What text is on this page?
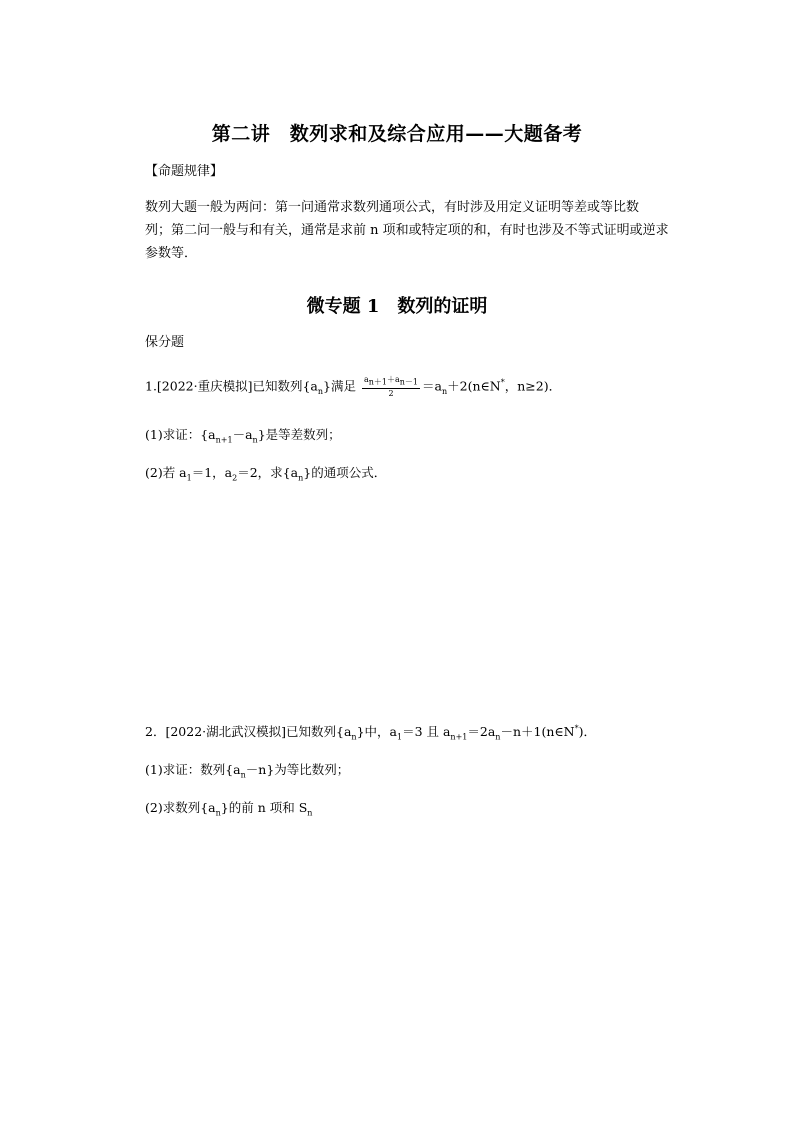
第二讲　数列求和及综合应用——大题备考
【命题规律】
数列大题一般为两问：第一问通常求数列通项公式，有时涉及用定义证明等差或等比数
列；第二问一般与和有关，通常是求前 n 项和或特定项的和，有时也涉及不等式证明或逆求
参数等．
微专题 1　数列的证明
保分题
1.[2022·重庆模拟]已知数列$\{a_n\}$满足 $\frac{a_{n+1}+a_{n-1}}{2}$ $=a_n+2(n\in N^*$，n≥2)．
(1)求证：$\{a_{n+1}-a_n\}$是等差数列；
(2)若 $a_1=1$，$a_2=2$，求$\{a_n\}$的通项公式．
2．[2022·湖北武汉模拟]已知数列$\{a_n\}$中，$a_1=3$ 且 $a_{n+1}=2a_n-n+1(n\in N^*)$．
(1)求证：数列$\{a_n-n\}$为等比数列；
(2)求数列$\{a_n\}$的前 n 项和 $S_n$
